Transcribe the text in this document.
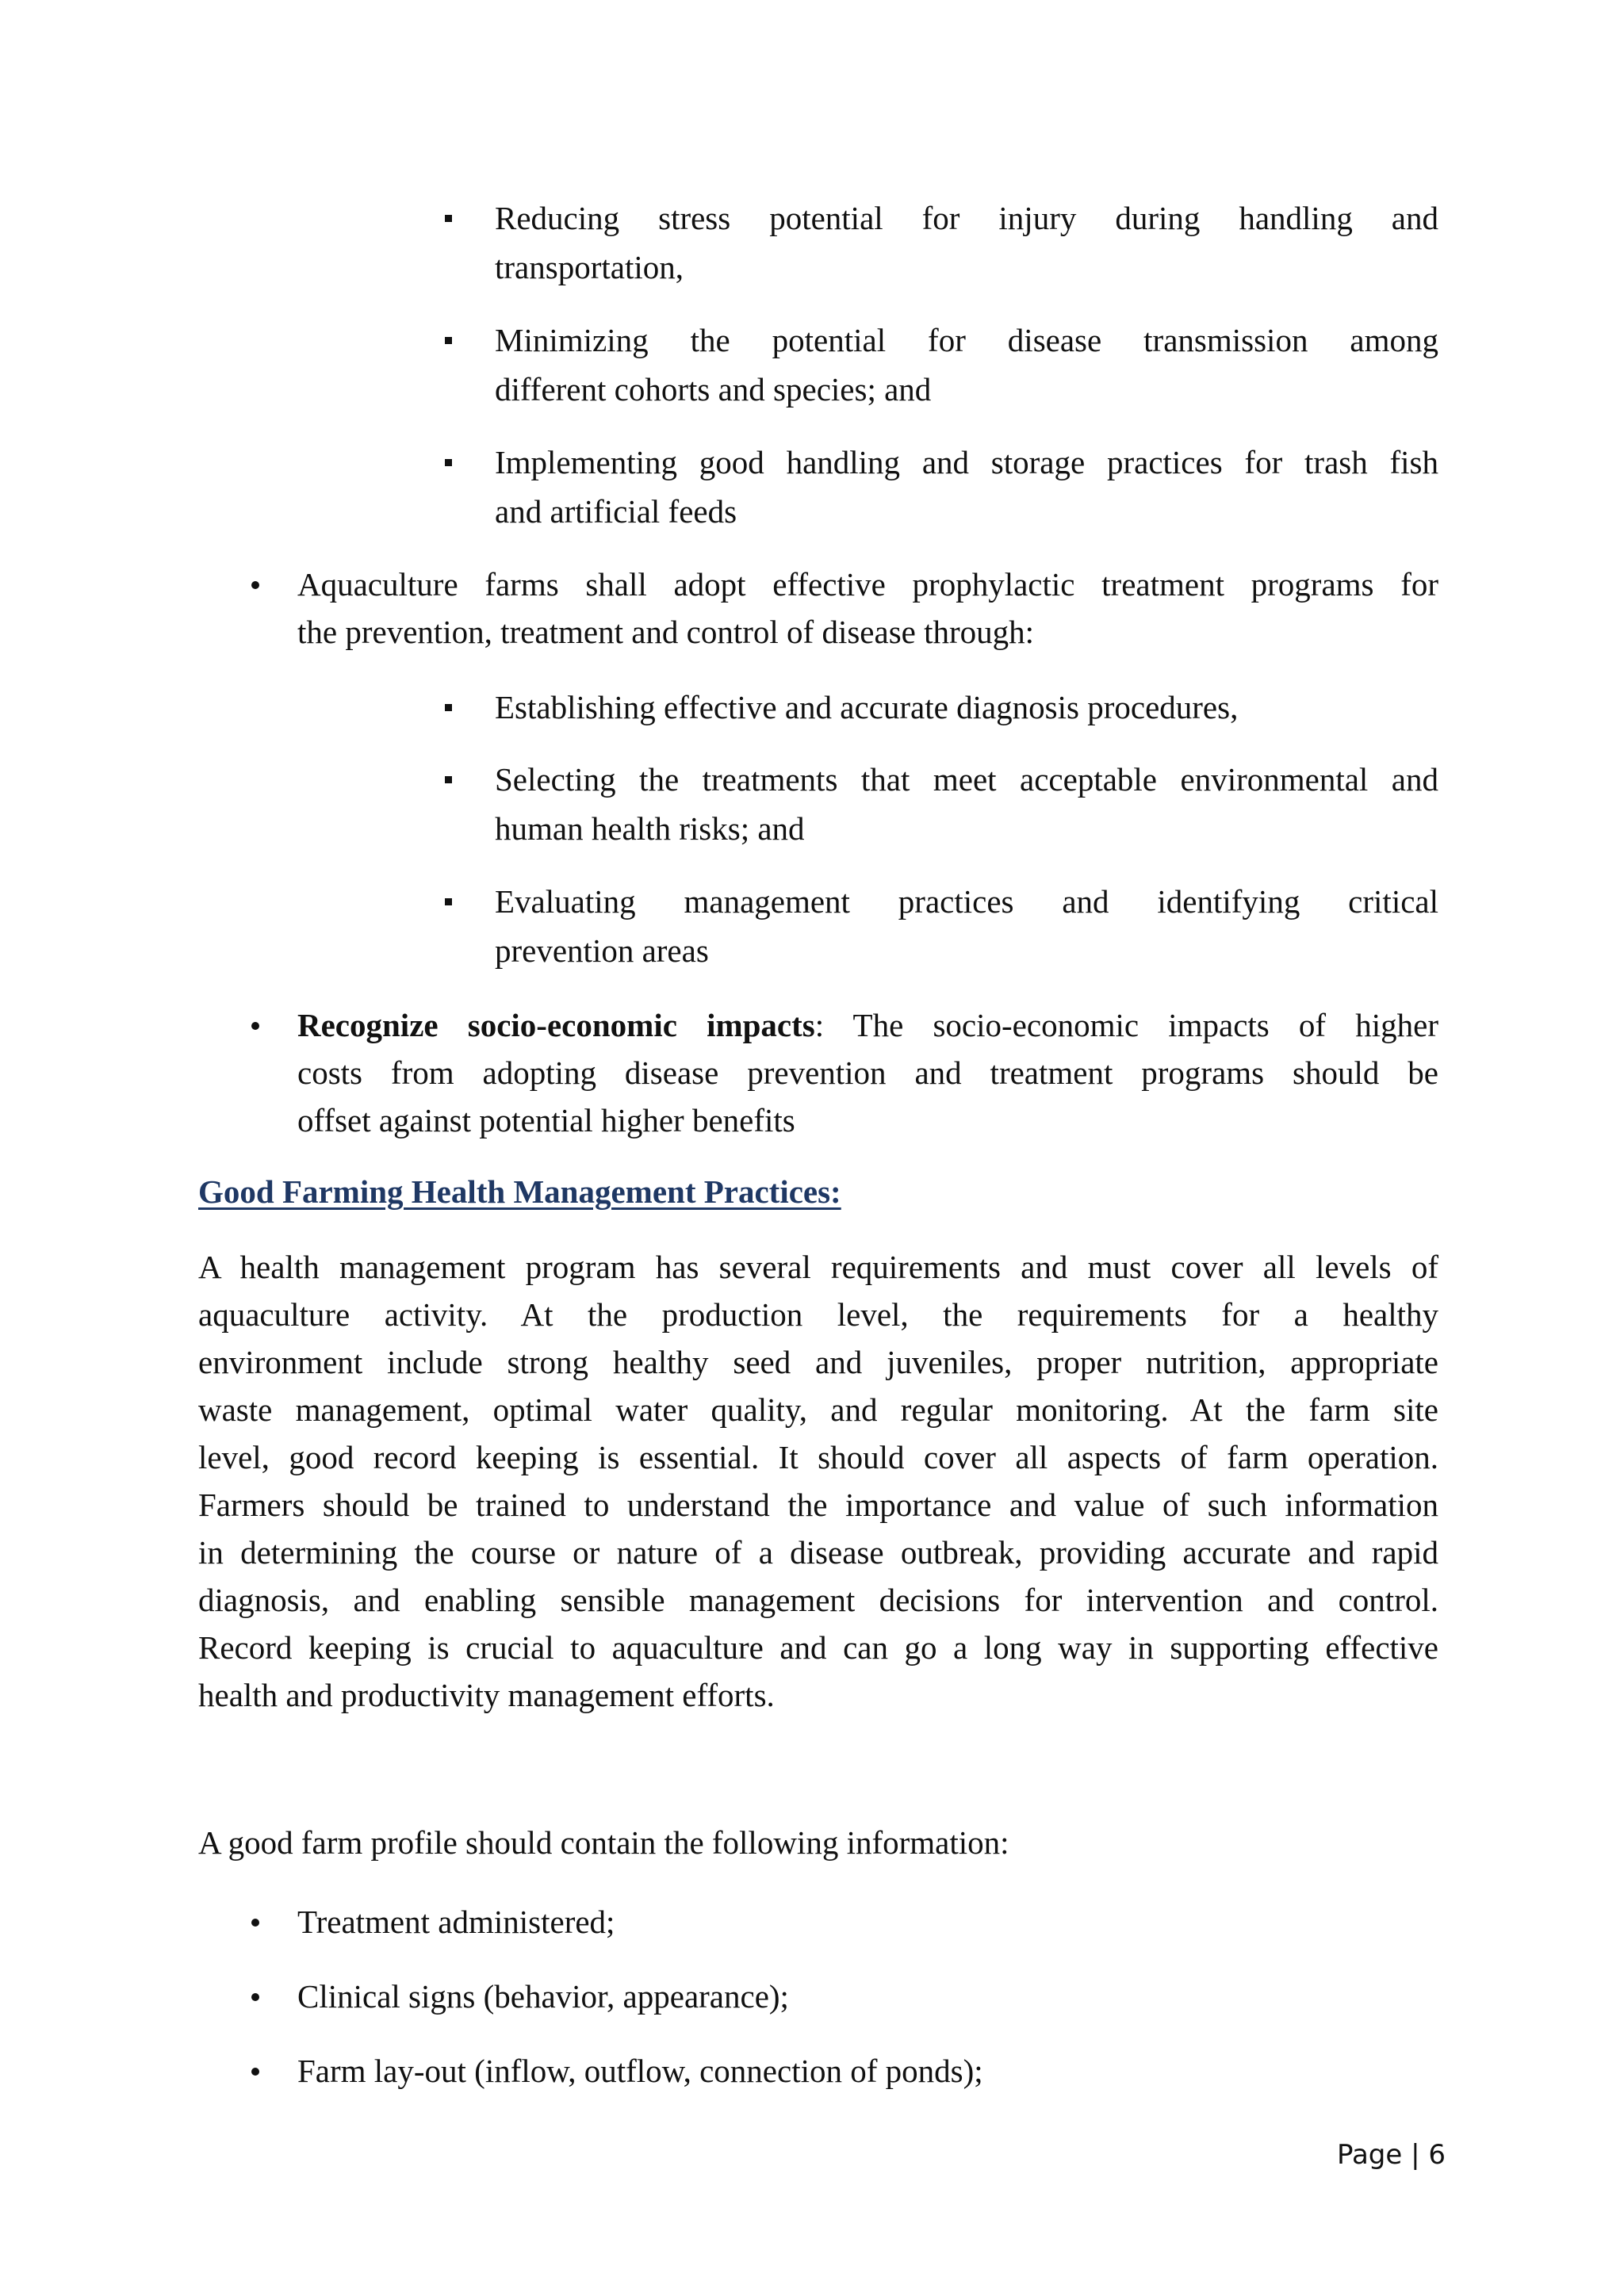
Reducing stress potential for injury during handling and
transportation,
Minimizing the potential for disease transmission among
different cohorts and species; and
Implementing good handling and storage practices for trash fish
and artificial feeds
Aquaculture farms shall adopt effective prophylactic treatment programs for
the prevention, treatment and control of disease through:
Establishing effective and accurate diagnosis procedures,
Selecting the treatments that meet acceptable environmental and
human health risks; and
Evaluating management practices and identifying critical
prevention areas
Recognize socio-economic impacts: The socio-economic impacts of higher
costs from adopting disease prevention and treatment programs should be
offset against potential higher benefits
Good Farming Health Management Practices:
A health management program has several requirements and must cover all levels of
aquaculture activity. At the production level, the requirements for a healthy
environment include strong healthy seed and juveniles, proper nutrition, appropriate
waste management, optimal water quality, and regular monitoring. At the farm site
level, good record keeping is essential. It should cover all aspects of farm operation.
Farmers should be trained to understand the importance and value of such information
in determining the course or nature of a disease outbreak, providing accurate and rapid
diagnosis, and enabling sensible management decisions for intervention and control.
Record keeping is crucial to aquaculture and can go a long way in supporting effective
health and productivity management efforts.
A good farm profile should contain the following information:
Treatment administered;
Clinical signs (behavior, appearance);
Farm lay-out (inflow, outflow, connection of ponds);
Page | 6
